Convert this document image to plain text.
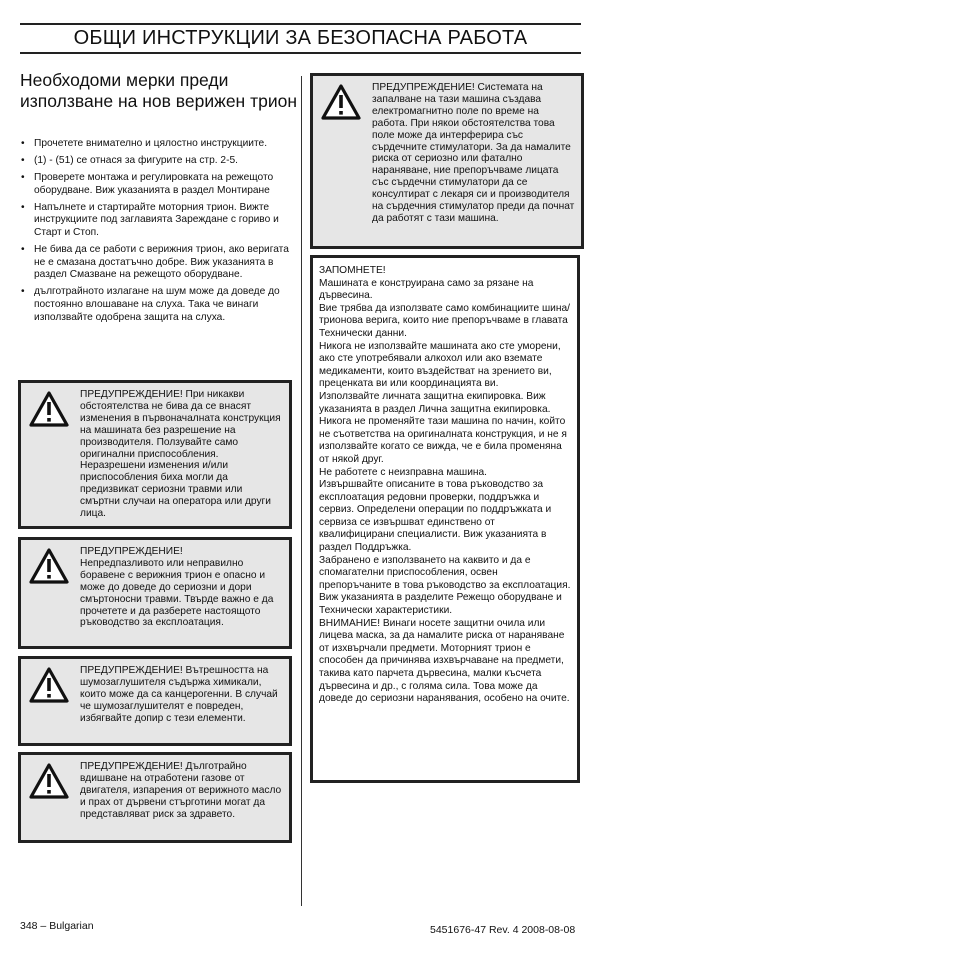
ОБЩИ ИНСТРУКЦИИ ЗА БЕЗОПАСНА РАБОТА
Необходоми мерки преди използване на нов верижен трион
• Прочетете внимателно и цялостно инструкциите.
• (1) - (51) се отнася за фигурите на стр. 2-5.
• Проверете монтажа и регулировката на режещото оборудване. Виж указанията в раздел Монтиране
• Напълнете и стартирайте моторния трион. Вижте инструкциите под заглавията Зареждане с гориво и Старт и Стоп.
• Не бива да се работи с верижния трион, ако веригата не е смазана достатъчно добре. Виж указанията в раздел Смазване на режещото оборудване.
• дълготрайното излагане на шум може да доведе до постоянно влошаване на слуха. Така че винаги използвайте одобрена защита на слуха.
ПРЕДУПРЕЖДЕНИЕ! При никакви обстоятелства не бива да се внасят изменения в първоначалната конструкция на машината без разрешение на производителя. Ползувайте само оригинални приспособления. Неразрешени изменения и/или приспособления биха могли да предизвикат сериозни травми или смъртни случаи на оператора или други лица.
ПРЕДУПРЕЖДЕНИЕ!
Непредпазливото или неправилно боравене с верижния трион е опасно и може до доведе до сериозни и дори смъртоносни травми. Твърде важно е да прочетете и да разберете настоящото ръководство за експлоатация.
ПРЕДУПРЕЖДЕНИЕ! Вътрешността на шумозаглушителя съдържа химикали, които може да са канцерогенни. В случай че шумозаглушителят е повреден, избягвайте допир с тези елементи.
ПРЕДУПРЕЖДЕНИЕ! Дълготрайно вдишване на отработени газове от двигателя, изпарения от верижното масло и прах от дървени стърготини могат да представляват риск за здравето.
ПРЕДУПРЕЖДЕНИЕ! Системата на запалване на тази машина създава електромагнитно поле по време на работа. При някои обстоятелства това поле може да интерферира със сърдечните стимулатори. За да намалите риска от сериозно или фатално нараняване, ние препоръчваме лицата със сърдечни стимулатори да се консултират с лекаря си и производителя на сърдечния стимулатор преди да почнат да работят с тази машина.
ЗАПОМНЕТЕ!
Машината е конструирана само за рязане на дървесина.
Вие трябва да използвате само комбинациите шина/трионова верига, които ние препоръчваме в главата Технически данни.
Никога не използвайте машината ако сте уморени, ако сте употребявали алкохол или ако вземате медикаменти, които въздействат на зрението ви, преценката ви или координацията ви.
Използвайте личната защитна екипировка. Виж указанията в раздел Лична защитна екипировка.
Никога не променяйте тази машина по начин, който не съответства на оригиналната конструкция, и не я използвайте когато се вижда, че е била променяна от някой друг.
Не работете с неизправна машина.
Извършвайте описаните в това ръководство за експлоатация редовни проверки, поддръжка и сервиз. Определени операции по поддръжката и сервиза се извършват единствено от квалифицирани специалисти. Виж указанията в раздел Поддръжка.
Забранено е използването на каквито и да е спомагателни приспособления, освен препоръчаните в това ръководство за експлоатация. Виж указанията в разделите Режещо оборудване и Технически характеристики.
ВНИМАНИЕ! Винаги носете защитни очила или лицева маска, за да намалите риска от нараняване от изхвърчали предмети. Моторният трион е способен да причинява изхвърчаване на предмети, такива като парчета дървесина, малки късчета дървесина и др., с голяма сила. Това може да доведе до сериозни наранявания, особено на очите.
348 – Bulgarian	5451676-47 Rev. 4 2008-08-08
